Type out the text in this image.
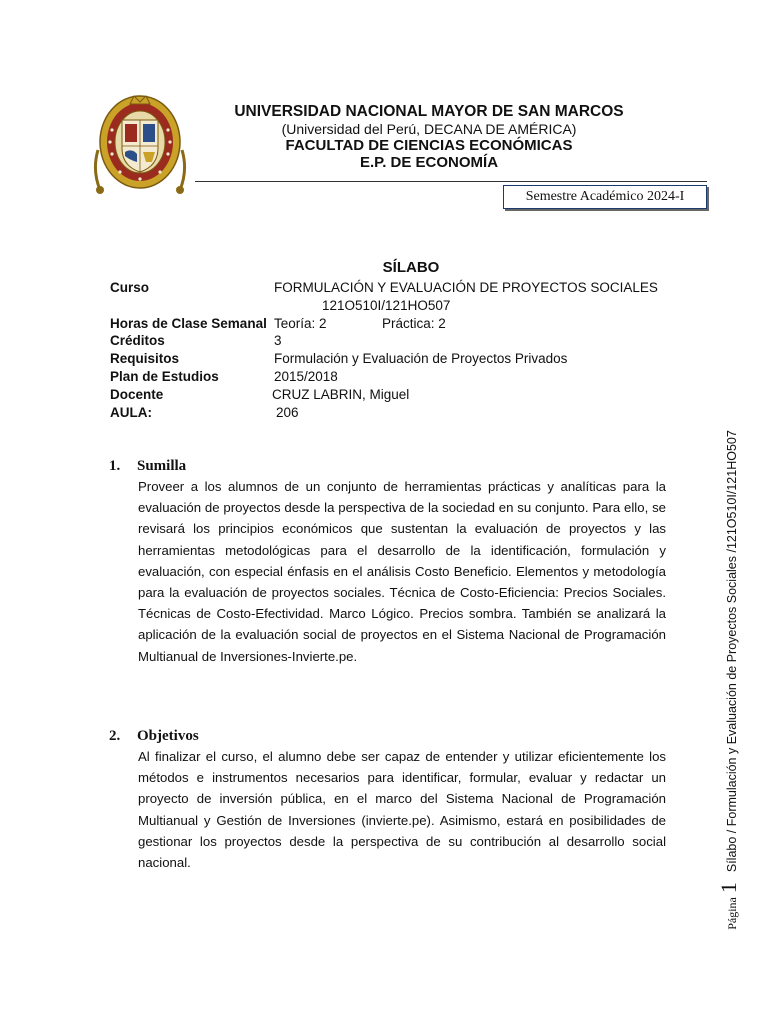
UNIVERSIDAD NACIONAL MAYOR DE SAN MARCOS
(Universidad del Perú, DECANA DE AMÉRICA)
FACULTAD DE CIENCIAS ECONÓMICAS
E.P. DE ECONOMÍA
Semestre Académico 2024-I
SÍLABO
Curso	FORMULACIÓN Y EVALUACIÓN DE PROYECTOS SOCIALES
121O510I/121HO507
Horas de Clase Semanal Teoría: 2	Práctica: 2
Créditos	3
Requisitos	Formulación y Evaluación de Proyectos Privados
Plan de Estudios	2015/2018
Docente	CRUZ LABRIN, Miguel
AULA:	206
1. Sumilla

Proveer a los alumnos de un conjunto de herramientas prácticas y analíticas para la evaluación de proyectos desde la perspectiva de la sociedad en su conjunto. Para ello, se revisará los principios económicos que sustentan la evaluación de proyectos y las herramientas metodológicas para el desarrollo de la identificación, formulación y evaluación, con especial énfasis en el análisis Costo Beneficio. Elementos y metodología para la evaluación de proyectos sociales. Técnica de Costo-Eficiencia: Precios Sociales. Técnicas de Costo-Efectividad. Marco Lógico. Precios sombra. También se analizará la aplicación de la evaluación social de proyectos en el Sistema Nacional de Programación Multianual de Inversiones-Invierte.pe.

2. Objetivos

Al finalizar el curso, el alumno debe ser capaz de entender y utilizar eficientemente los métodos e instrumentos necesarios para identificar, formular, evaluar y redactar un proyecto de inversión pública, en el marco del Sistema Nacional de Programación Multianual y Gestión de Inversiones (invierte.pe). Asimismo, estará en posibilidades de gestionar los proyectos desde la perspectiva de su contribución al desarrollo social nacional.

Página
1
Sílabo / Formulación y Evaluación de Proyectos Sociales /121O510I/121HO507
